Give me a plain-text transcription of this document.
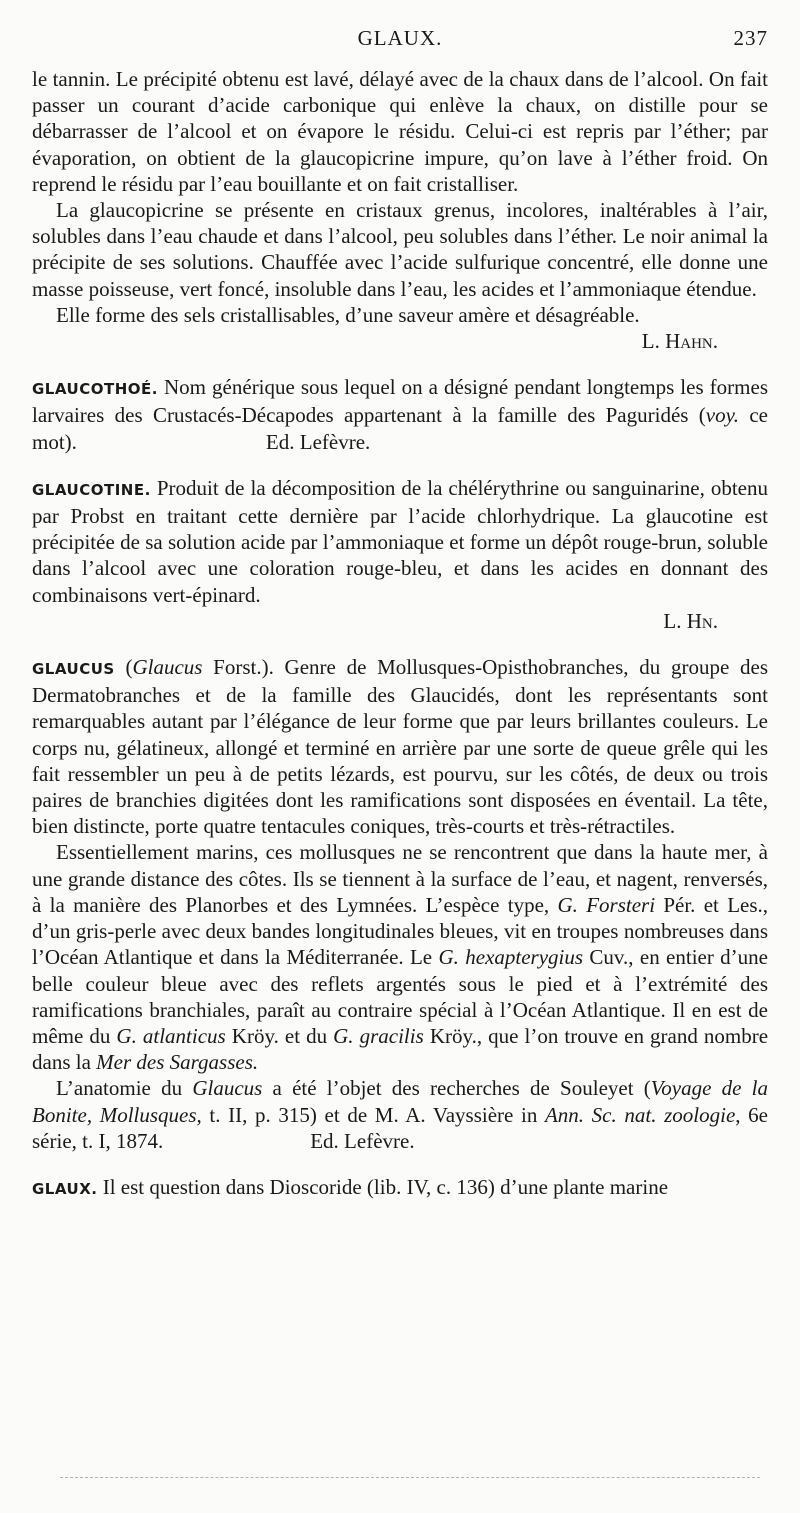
GLAUX.	237

le tannin. Le précipité obtenu est lavé, délayé avec de la chaux dans de l’alcool. On fait passer un courant d’acide carbonique qui enlève la chaux, on distille pour se débarrasser de l’alcool et on évapore le résidu. Celui-ci est repris par l’éther; par évaporation, on obtient de la glaucopicrine impure, qu’on lave à l’éther froid. On reprend le résidu par l’eau bouillante et on fait cristalliser.

La glaucopicrine se présente en cristaux grenus, incolores, inaltérables à l’air, solubles dans l’eau chaude et dans l’alcool, peu solubles dans l’éther. Le noir animal la précipite de ses solutions. Chauffée avec l’acide sulfurique concentré, elle donne une masse poisseuse, vert foncé, insoluble dans l’eau, les acides et l’ammoniaque étendue.

Elle forme des sels cristallisables, d’une saveur amère et désagréable.

L. Hahn.

GLAUCOTHOÉ. Nom générique sous lequel on a désigné pendant longtemps les formes larvaires des Crustacés-Décapodes appartenant à la famille des Paguridés (voy. ce mot).         	Ed. Lefèvre.

GLAUCOTINE. Produit de la décomposition de la chélérythrine ou sanguinarine, obtenu par Probst en traitant cette dernière par l’acide chlorhydrique. La glaucotine est précipitée de sa solution acide par l’ammoniaque et forme un dépôt rouge-brun, soluble dans l’alcool avec une coloration rouge-bleu, et dans les acides en donnant des combinaisons vert-épinard.

L. Hn.

GLAUCUS (Glaucus Forst.). Genre de Mollusques-Opisthobranches, du groupe des Dermatobranches et de la famille des Glaucidés, dont les représentants sont remarquables autant par l’élégance de leur forme que par leurs brillantes couleurs. Le corps nu, gélatineux, allongé et terminé en arrière par une sorte de queue grêle qui les fait ressembler un peu à de petits lézards, est pourvu, sur les côtés, de deux ou trois paires de branchies digitées dont les ramifications sont disposées en éventail. La tête, bien distincte, porte quatre tentacules coniques, très-courts et très-rétractiles.

Essentiellement marins, ces mollusques ne se rencontrent que dans la haute mer, à une grande distance des côtes. Ils se tiennent à la surface de l’eau, et nagent, renversés, à la manière des Planorbes et des Lymnées. L’espèce type, G. Forsteri Pér. et Les., d’un gris-perle avec deux bandes longitudinales bleues, vit en troupes nombreuses dans l’Océan Atlantique et dans la Méditerranée. Le G. hexapterygius Cuv., en entier d’une belle couleur bleue avec des reflets argentés sous le pied et à l’extrémité des ramifications branchiales, paraît au contraire spécial à l’Océan Atlantique. Il en est de même du G. atlanticus Kröy. et du G. gracilis Kröy., que l’on trouve en grand nombre dans la Mer des Sargasses.

L’anatomie du Glaucus a été l’objet des recherches de Souleyet (Voyage de la Bonite, Mollusques, t. II, p. 315) et de M. A. Vayssière in Ann. Sc. nat. zoologie, 6e série, t. I, 1874.       	Ed. Lefèvre.

GLAUX. Il est question dans Dioscoride (lib. IV, c. 136) d’une plante marine
